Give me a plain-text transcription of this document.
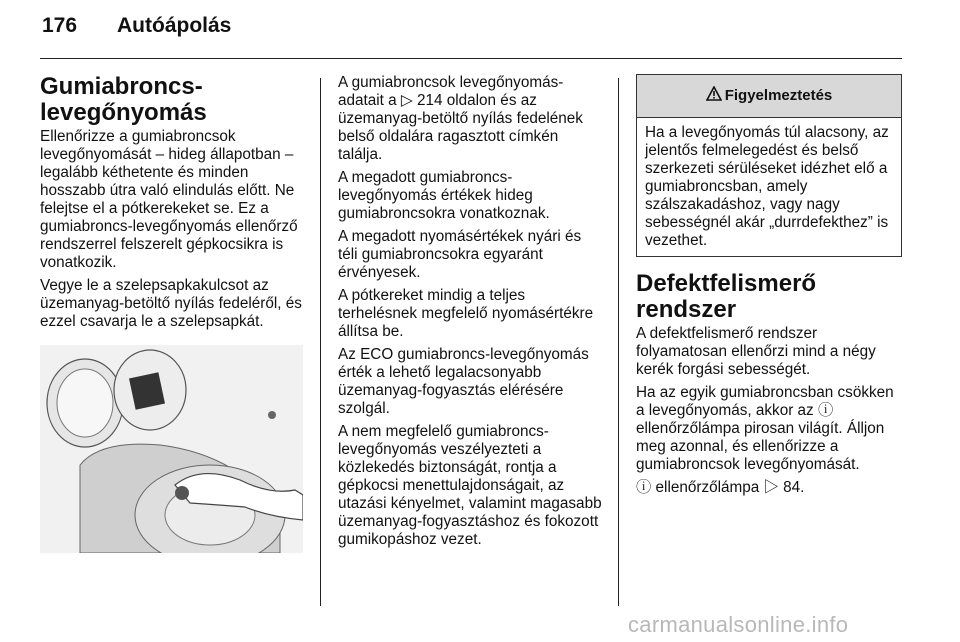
176 Autóápolás
Gumiabroncs-
levegőnyomás

Ellenőrizze a gumiabroncsok levegőnyomását – hideg állapotban – legalább kéthetente és minden hosszabb útra való elindulás előtt. Ne felejtse el a pótkerekeket se. Ez a gumiabroncs-levegőnyomás ellenőrző rendszerrel felszerelt gépkocsikra is vonatkozik.

Vegye le a szelepsapkakulcsot az üzemanyag-betöltő nyílás fedeléről, és ezzel csavarja le a szelepsapkát.

A gumiabroncsok levegőnyomás-adatait a ▷ 214 oldalon és az üzemanyag-betöltő nyílás fedelének belső oldalára ragasztott címkén találja.

A megadott gumiabroncs-levegőnyomás értékek hideg gumiabroncsokra vonatkoznak.

A megadott nyomásértékek nyári és téli gumiabroncsokra egyaránt érvényesek.

A pótkereket mindig a teljes terhelésnek megfelelő nyomásértékre állítsa be.

Az ECO gumiabroncs-levegőnyomás érték a lehető legalacsonyabb üzemanyag-fogyasztás elérésére szolgál.

A nem megfelelő gumiabroncs-levegőnyomás veszélyezteti a közlekedés biztonságát, rontja a gépkocsi menettulajdonságait, az utazási kényelmet, valamint magasabb üzemanyag-fogyasztáshoz és fokozott gumikopáshoz vezet.

Figyelmeztetés
Ha a levegőnyomás túl alacsony, az jelentős felmelegedést és belső szerkezeti sérüléseket idézhet elő a gumiabroncsban, amely szálszakadáshoz, vagy nagy sebességnél akár „durrdefekthez” is vezethet.
Defektfelismerő rendszer

A defektfelismerő rendszer folyamatosan ellenőrzi mind a négy kerék forgási sebességét.

Ha az egyik gumiabroncsban csökken a levegőnyomás, akkor az ⓘ ellenőrzőlámpa pirosan világít. Álljon meg azonnal, és ellenőrizze a gumiabroncsok levegőnyomását.

ⓘ ellenőrzőlámpa ▷ 84.

carmanualsonline.info
